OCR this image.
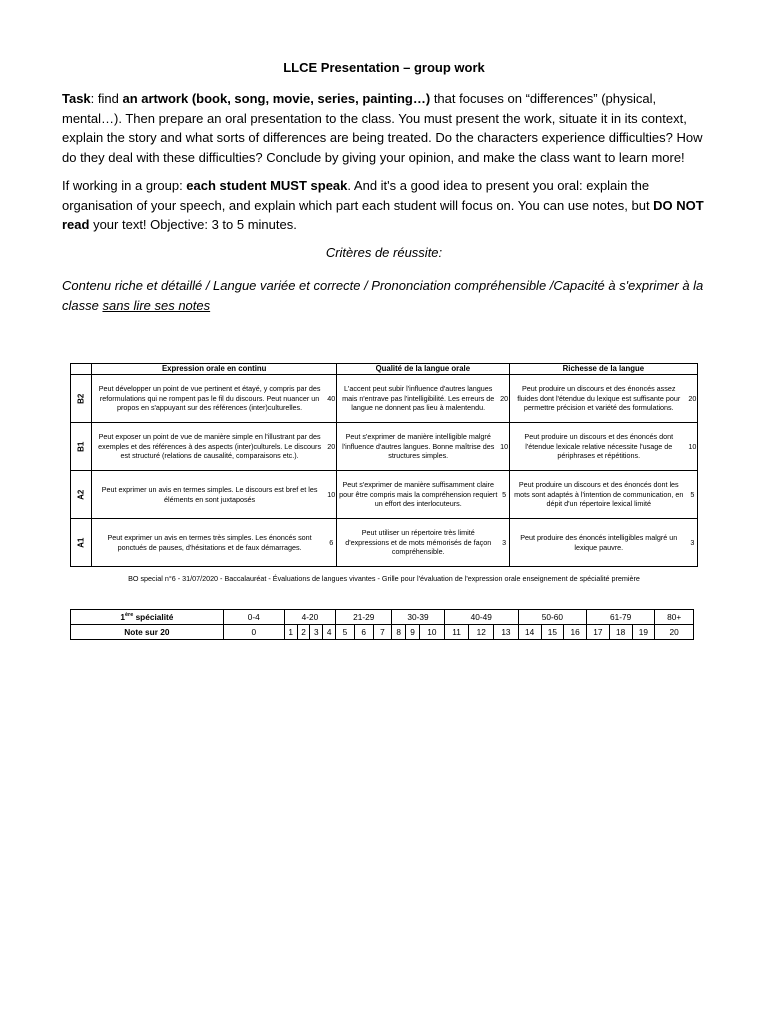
LLCE Presentation – group work

Task: find an artwork (book, song, movie, series, painting…) that focuses on “differences” (physical, mental…). Then prepare an oral presentation to the class. You must present the work, situate it in its context, explain the story and what sorts of differences are being treated. Do the characters experience difficulties? How do they deal with these difficulties? Conclude by giving your opinion, and make the class want to learn more!

If working in a group: each student MUST speak. And it's a good idea to present you oral: explain the organisation of your speech, and explain which part each student will focus on. You can use notes, but DO NOT read your text! Objective: 3 to 5 minutes.

Critères de réussite:

Contenu riche et détaillé / Langue variée et correcte / Prononciation compréhensible /Capacité à s'exprimer à la classe sans lire ses notes

	Expression orale en continu		Qualité de la langue orale		Richesse de la langue	
B2	Peut développer un point de vue pertinent et étayé, y compris par des reformulations qui ne rompent pas le fil du discours. Peut nuancer un propos en s'appuyant sur des références (inter)culturelles.	40	L'accent peut subir l'influence d'autres langues mais n'entrave pas l'intelligibilité. Les erreurs de langue ne donnent pas lieu à malentendu.	20	Peut produire un discours et des énoncés assez fluides dont l'étendue du lexique est suffisante pour permettre précision et variété des formulations.	20
B1	Peut exposer un point de vue de manière simple en l'illustrant par des exemples et des références à des aspects (inter)culturels. Le discours est structuré (relations de causalité, comparaisons etc.).	20	Peut s'exprimer de manière intelligible malgré l'influence d'autres langues. Bonne maîtrise des structures simples.	10	Peut produire un discours et des énoncés dont l'étendue lexicale relative nécessite l'usage de périphrases et répétitions.	10
A2	Peut exprimer un avis en termes simples. Le discours est bref et les éléments en sont juxtaposés	10	Peut s'exprimer de manière suffisamment claire pour être compris mais la compréhension requiert un effort des interlocuteurs.	5	Peut produire un discours et des énoncés dont les mots sont adaptés à l'intention de communication, en dépit d'un répertoire lexical limité	5
A1	Peut exprimer un avis en termes très simples. Les énoncés sont ponctués de pauses, d'hésitations et de faux démarrages.	6	Peut utiliser un répertoire très limité d'expressions et de mots mémorisés de façon compréhensible.	3	Peut produire des énoncés intelligibles malgré un lexique pauvre.	3
BO special n°6 - 31/07/2020 - Baccalauréat - Évaluations de langues vivantes - Grille pour l'évaluation de l'expression orale enseignement de spécialité première
1ère spécialité	0-4	4-20				21-29			30-39			40-49			50-60			61-79			80+
Note sur 20	0	1	2	3	4	5	6	7	8	9	10	11	12	13	14	15	16	17	18	19	20
